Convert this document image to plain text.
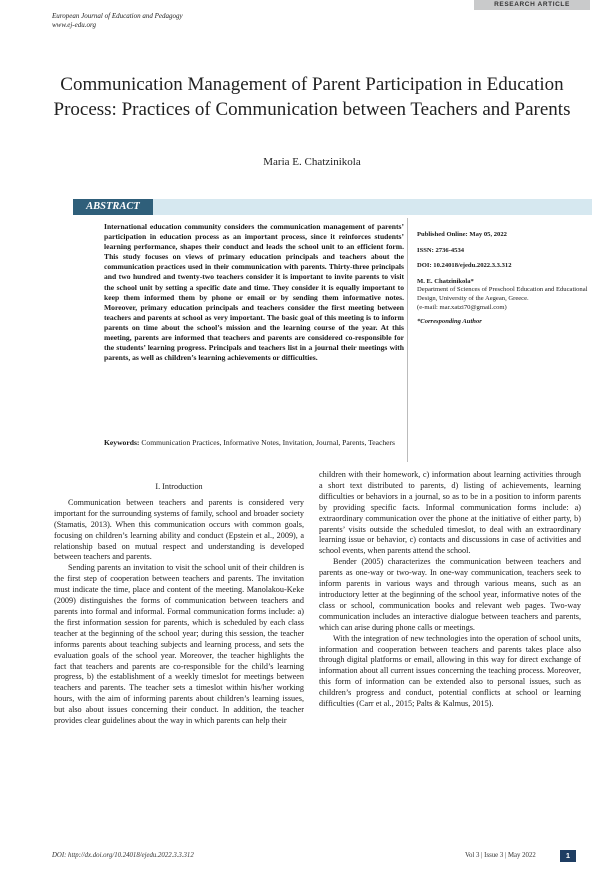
European Journal of Education and Pedagogy
www.ej-edu.org
RESEARCH ARTICLE
Communication Management of Parent Participation in Education Process: Practices of Communication between Teachers and Parents
Maria E. Chatzinikola
ABSTRACT
International education community considers the communication management of parents’ participation in education process as an important process, since it reinforces students’ learning performance, shapes their conduct and leads the school unit to an efficient form. This study focuses on views of primary education principals and teachers about the communication practices used in their communication with parents. Thirty-three principals and two hundred and twenty-two teachers consider it is important to invite parents to visit the school unit by setting a specific date and time. They consider it is equally important to keep them informed them by phone or email or by sending them informative notes. Moreover, primary education principals and teachers consider the first meeting between teachers and parents at school as very important. The basic goal of this meeting is to inform parents on time about the school’s mission and the learning course of the year. At this meeting, parents are informed that teachers and parents are considered co-responsible for the students’ learning progress. Principals and teachers list in a journal their meetings with parents, as well as children’s learning achievements or difficulties.
Keywords: Communication Practices, Informative Notes, Invitation, Journal, Parents, Teachers
Published Online: May 05, 2022
ISSN: 2736-4534
DOI: 10.24018/ejedu.2022.3.3.312
M. E. Chatzinikola*
Department of Sciences of Preschool Education and Educational Design, University of the Aegean, Greece.
(e-mail: mar.xatzi70@gmail.com)
*Corresponding Author
I. Introduction

Communication between teachers and parents is considered very important for the surrounding systems of family, school and broader society (Stamatis, 2013). When this communication occurs with common goals, focusing on children’s learning ability and conduct (Epstein et al., 2009), a relationship based on mutual respect and understanding is developed between teachers and parents.

Sending parents an invitation to visit the school unit of their children is the first step of cooperation between teachers and parents. The invitation must indicate the time, place and content of the meeting. Manolakou-Keke (2009) distinguishes the forms of communication between teachers and parents into formal and informal. Formal communication forms include: a) the first information session for parents, which is scheduled by each class teacher at the beginning of the school year; during this session, the teacher informs parents about teaching subjects and learning process, and sets the evaluation goals of the school year. Moreover, the teacher highlights the fact that teachers and parents are co-responsible for the child’s learning progress, b) the establishment of a weekly timeslot for meetings between teachers and parents. The teacher sets a timeslot within his/her working hours, with the aim of informing parents about children’s learning issues, but also about issues concerning their conduct. In addition, the teacher provides clear guidelines about the way in which parents can help their

children with their homework, c) information about learning activities through a short text distributed to parents, d) listing of achievements, learning difficulties or behaviors in a journal, so as to be in a position to inform parents by providing specific facts. Informal communication forms include: a) extraordinary communication over the phone at the initiative of either party, b) parents’ visits outside the scheduled timeslot, to deal with an extraordinary learning issue or behavior, c) contacts and discussions in case of activities and school events, when parents attend the school.

Bender (2005) characterizes the communication between teachers and parents as one-way or two-way. In one-way communication, teachers seek to inform parents in various ways and through various means, such as an introductory letter at the beginning of the school year, informative notes of the class or school, communication books and relevant web pages. Two-way communication includes an interactive dialogue between teachers and parents, which can arise during phone calls or meetings.

With the integration of new technologies into the operation of school units, information and cooperation between teachers and parents takes place also through digital platforms or email, allowing in this way for direct exchange of information about all current issues concerning the teaching process. Moreover, this form of information can be extended also to personal issues, such as children’s progress and conduct, potential conflicts at school or learning difficulties (Carr et al., 2015; Palts & Kalmus, 2015).

DOI: http://dx.doi.org/10.24018/ejedu.2022.3.3.312	Vol 3 | Issue 3 | May 2022	1
